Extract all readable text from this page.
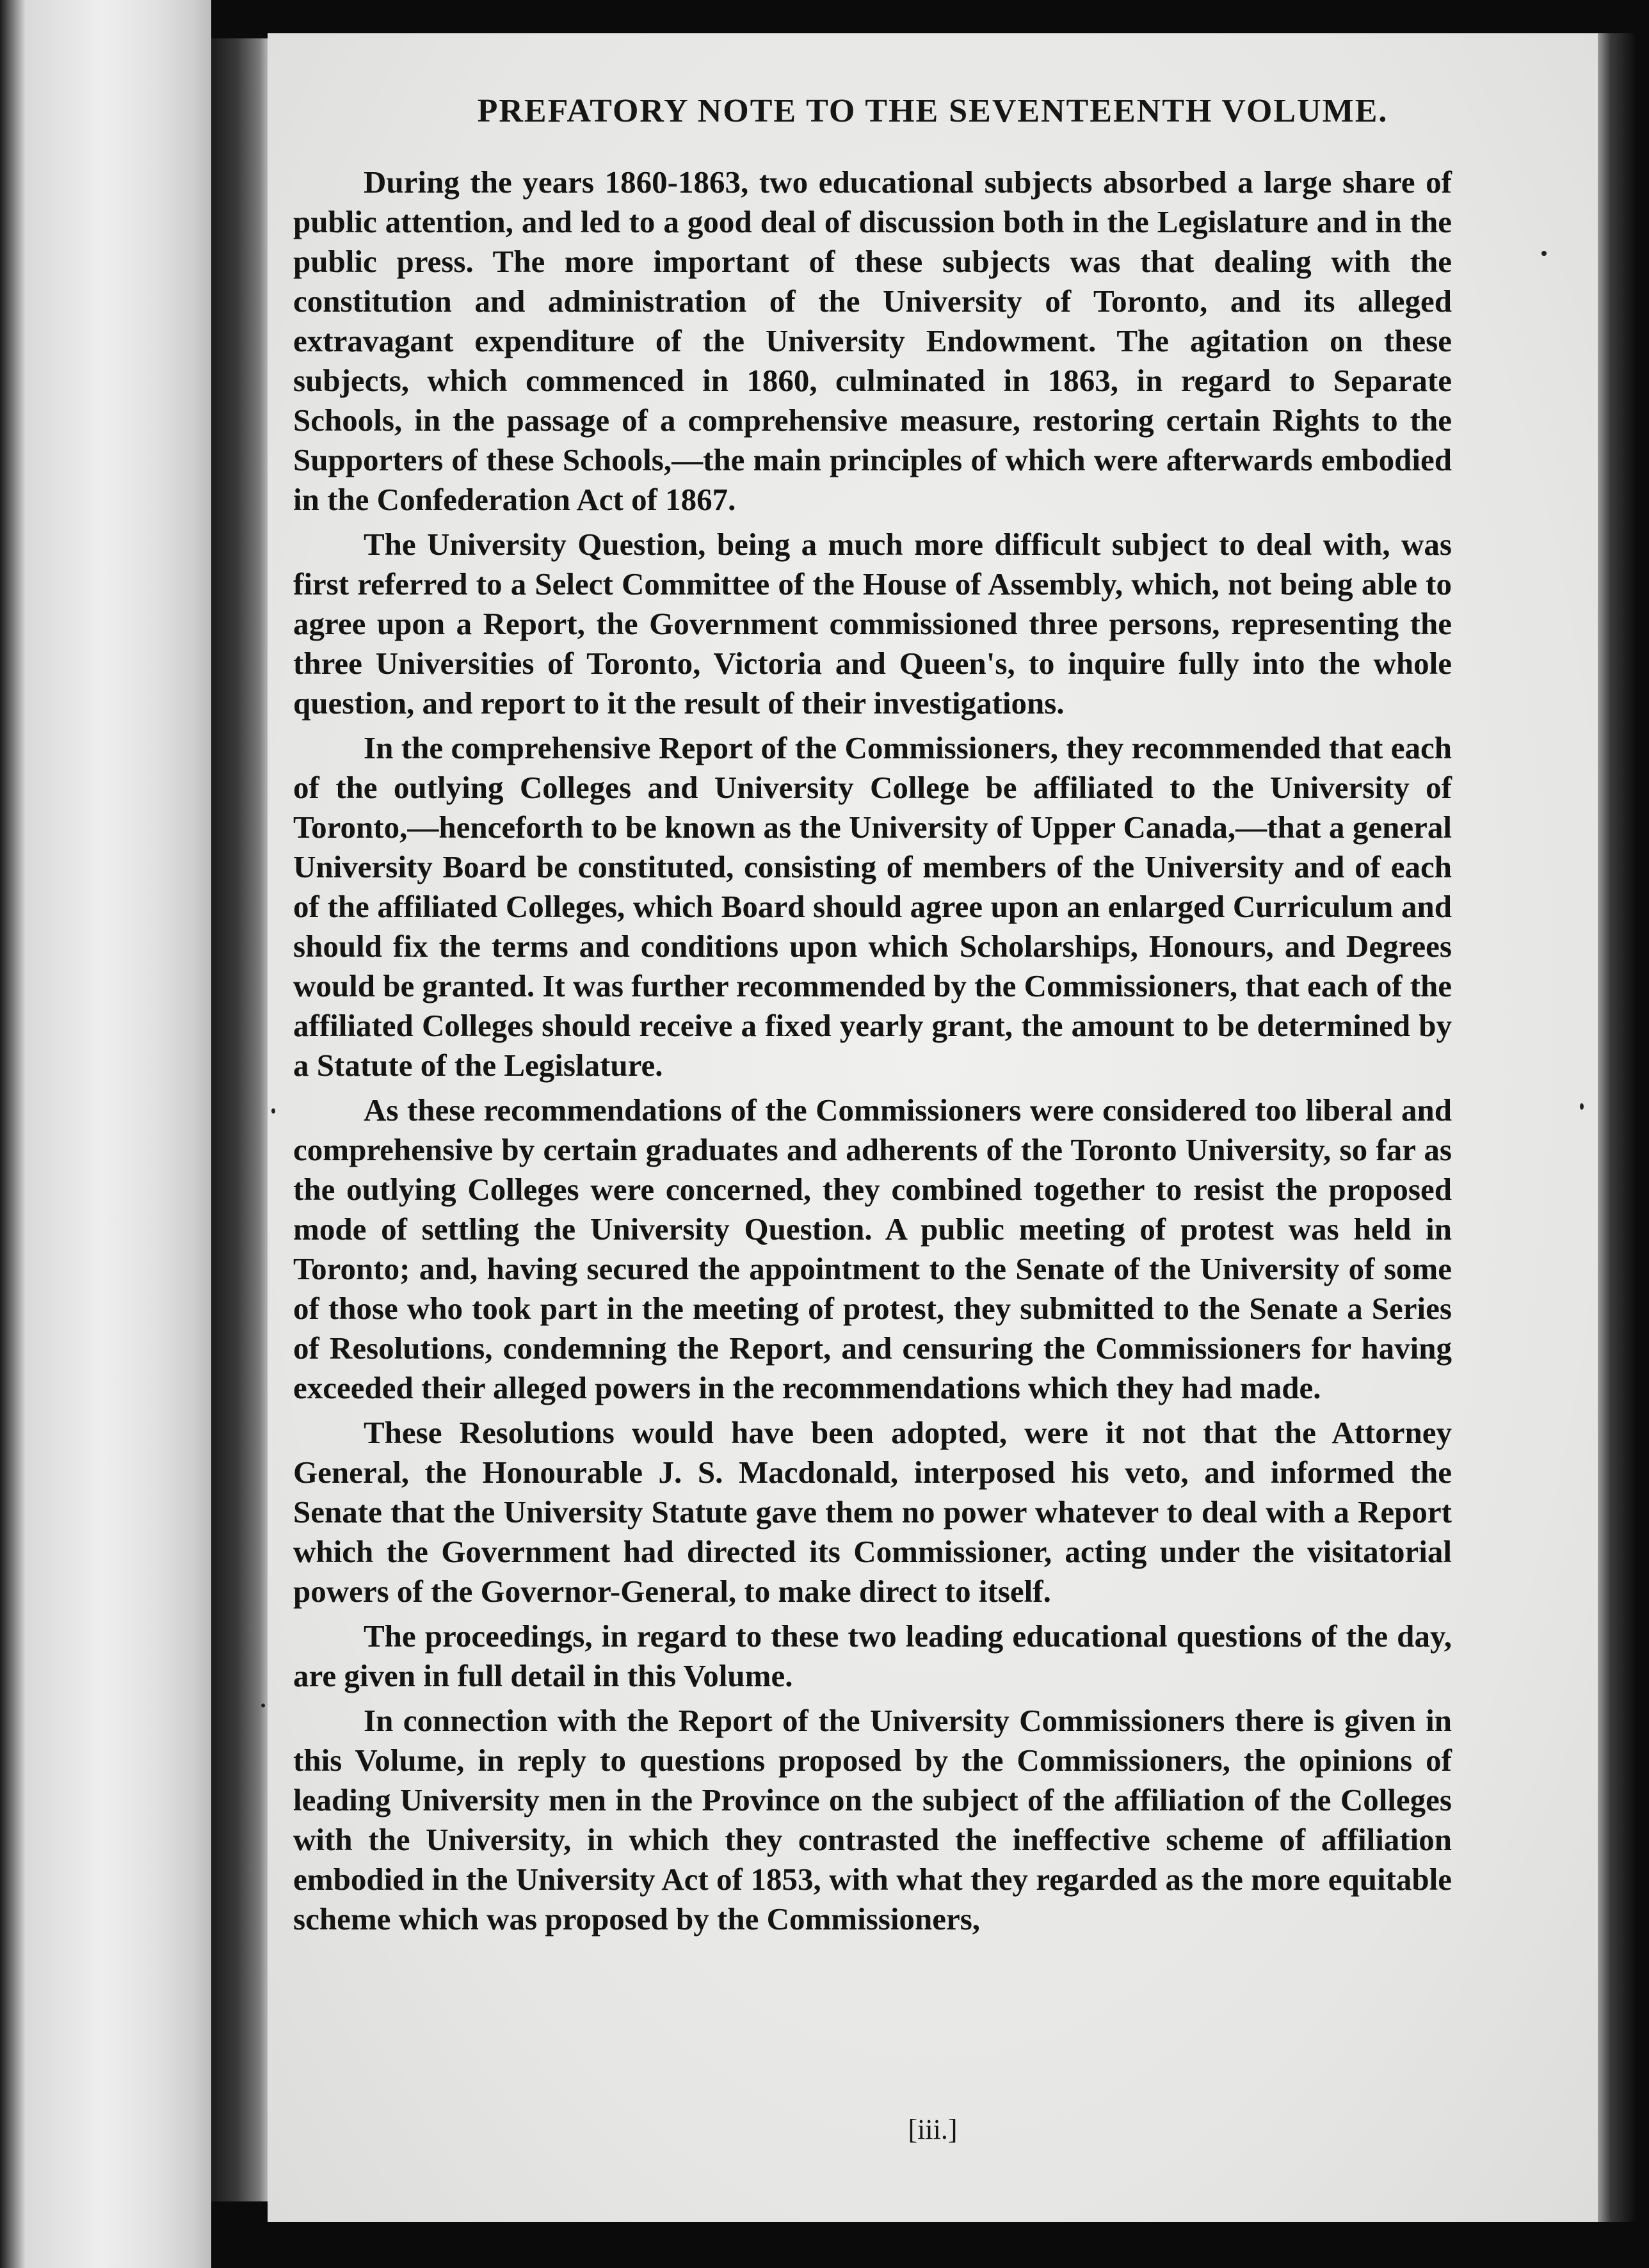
PREFATORY NOTE TO THE SEVENTEENTH VOLUME.

During the years 1860-1863, two educational subjects absorbed a large share of public attention, and led to a good deal of discussion both in the Legislature and in the public press. The more important of these subjects was that dealing with the constitution and administration of the University of Toronto, and its alleged extravagant expenditure of the University Endowment. The agitation on these subjects, which commenced in 1860, culminated in 1863, in regard to Separate Schools, in the passage of a comprehensive measure, restoring certain Rights to the Supporters of these Schools,—the main principles of which were afterwards embodied in the Confederation Act of 1867.

The University Question, being a much more difficult subject to deal with, was first referred to a Select Committee of the House of Assembly, which, not being able to agree upon a Report, the Government commissioned three persons, representing the three Universities of Toronto, Victoria and Queen's, to inquire fully into the whole question, and report to it the result of their investigations.

In the comprehensive Report of the Commissioners, they recommended that each of the outlying Colleges and University College be affiliated to the University of Toronto,—henceforth to be known as the University of Upper Canada,—that a general University Board be constituted, consisting of members of the University and of each of the affiliated Colleges, which Board should agree upon an enlarged Curriculum and should fix the terms and conditions upon which Scholarships, Honours, and Degrees would be granted. It was further recommended by the Commissioners, that each of the affiliated Colleges should receive a fixed yearly grant, the amount to be determined by a Statute of the Legislature.

As these recommendations of the Commissioners were considered too liberal and comprehensive by certain graduates and adherents of the Toronto University, so far as the outlying Colleges were concerned, they combined together to resist the proposed mode of settling the University Question. A public meeting of protest was held in Toronto; and, having secured the appointment to the Senate of the University of some of those who took part in the meeting of protest, they submitted to the Senate a Series of Resolutions, condemning the Report, and censuring the Commissioners for having exceeded their alleged powers in the recommendations which they had made.

These Resolutions would have been adopted, were it not that the Attorney General, the Honourable J. S. Macdonald, interposed his veto, and informed the Senate that the University Statute gave them no power whatever to deal with a Report which the Government had directed its Commissioner, acting under the visitatorial powers of the Governor-General, to make direct to itself.

The proceedings, in regard to these two leading educational questions of the day, are given in full detail in this Volume.

In connection with the Report of the University Commissioners there is given in this Volume, in reply to questions proposed by the Commissioners, the opinions of leading University men in the Province on the subject of the affiliation of the Colleges with the University, in which they contrasted the ineffective scheme of affiliation embodied in the University Act of 1853, with what they regarded as the more equitable scheme which was proposed by the Commissioners,

[iii.]
